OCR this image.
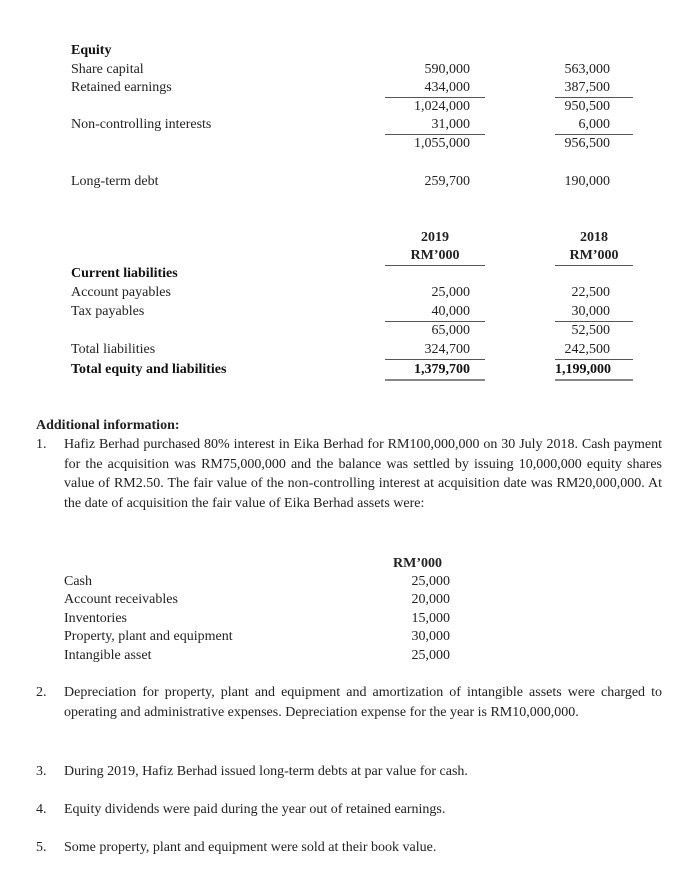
Equity
Share capital	590,000	563,000
Retained earnings	434,000	387,500
1,024,000	950,500
Non-controlling interests	31,000	6,000
1,055,000	956,500
Long-term debt	259,700	190,000
2019	2018
RM’000	RM’000
Current liabilities
Account payables	25,000	22,500
Tax payables	40,000	30,000
65,000	52,500
Total liabilities	324,700	242,500
Total equity and liabilities	1,379,700	1,199,000
Additional information:
1. Hafiz Berhad purchased 80% interest in Eika Berhad for RM100,000,000 on 30 July 2018. Cash payment for the acquisition was RM75,000,000 and the balance was settled by issuing 10,000,000 equity shares value of RM2.50. The fair value of the non-controlling interest at acquisition date was RM20,000,000. At the date of acquisition the fair value of Eika Berhad assets were:
RM’000
Cash	25,000
Account receivables	20,000
Inventories	15,000
Property, plant and equipment	30,000
Intangible asset	25,000
2. Depreciation for property, plant and equipment and amortization of intangible assets were charged to operating and administrative expenses. Depreciation expense for the year is RM10,000,000.
3. During 2019, Hafiz Berhad issued long-term debts at par value for cash.
4. Equity dividends were paid during the year out of retained earnings.
5. Some property, plant and equipment were sold at their book value.
